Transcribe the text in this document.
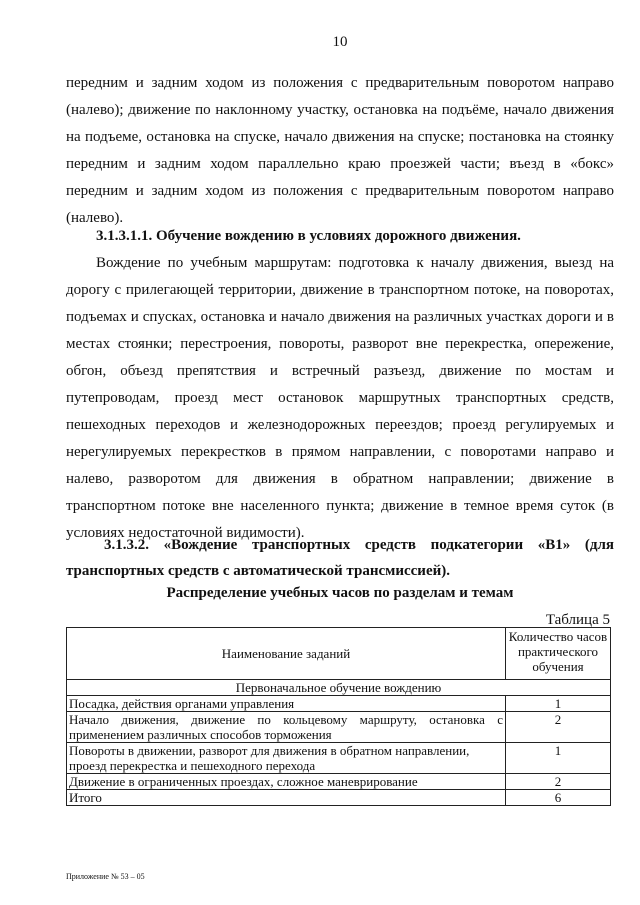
10

передним и задним ходом из положения с предварительным поворотом направо (налево); движение по наклонному участку, остановка на подъёме, начало движения на подъеме, остановка на спуске, начало движения на спуске; постановка на стоянку передним и задним ходом параллельно краю проезжей части; въезд в «бокс» передним и задним ходом из положения с предварительным поворотом направо (налево).

3.1.3.1.1. Обучение вождению в условиях дорожного движения.

Вождение по учебным маршрутам: подготовка к началу движения, выезд на дорогу с прилегающей территории, движение в транспортном потоке, на поворотах, подъемах и спусках, остановка и начало движения на различных участках дороги и в местах стоянки; перестроения, повороты, разворот вне перекрестка, опережение, обгон, объезд препятствия и встречный разъезд, движение по мостам и путепроводам, проезд мест остановок маршрутных транспортных средств, пешеходных переходов и железнодорожных переездов; проезд регулируемых и нерегулируемых перекрестков в прямом направлении, с поворотами направо и налево, разворотом для движения в обратном направлении; движение в транспортном потоке вне населенного пункта; движение в темное время суток (в условиях недостаточной видимости).

3.1.3.2. «Вождение транспортных средств подкатегории «В1» (для транспортных средств с автоматической трансмиссией).

Распределение учебных часов по разделам и темам

Таблица 5

Наименование заданий	Количество часов практического обучения
Первоначальное обучение вождению	
Посадка, действия органами управления	1
Начало движения, движение по кольцевому маршруту, остановка с применением различных способов торможения	2
Повороты в движении, разворот для движения в обратном направлении, проезд перекрестка и пешеходного перехода	1
Движение в ограниченных проездах, сложное маневрирование	2
Итого	6
Приложение № 53 – 05
